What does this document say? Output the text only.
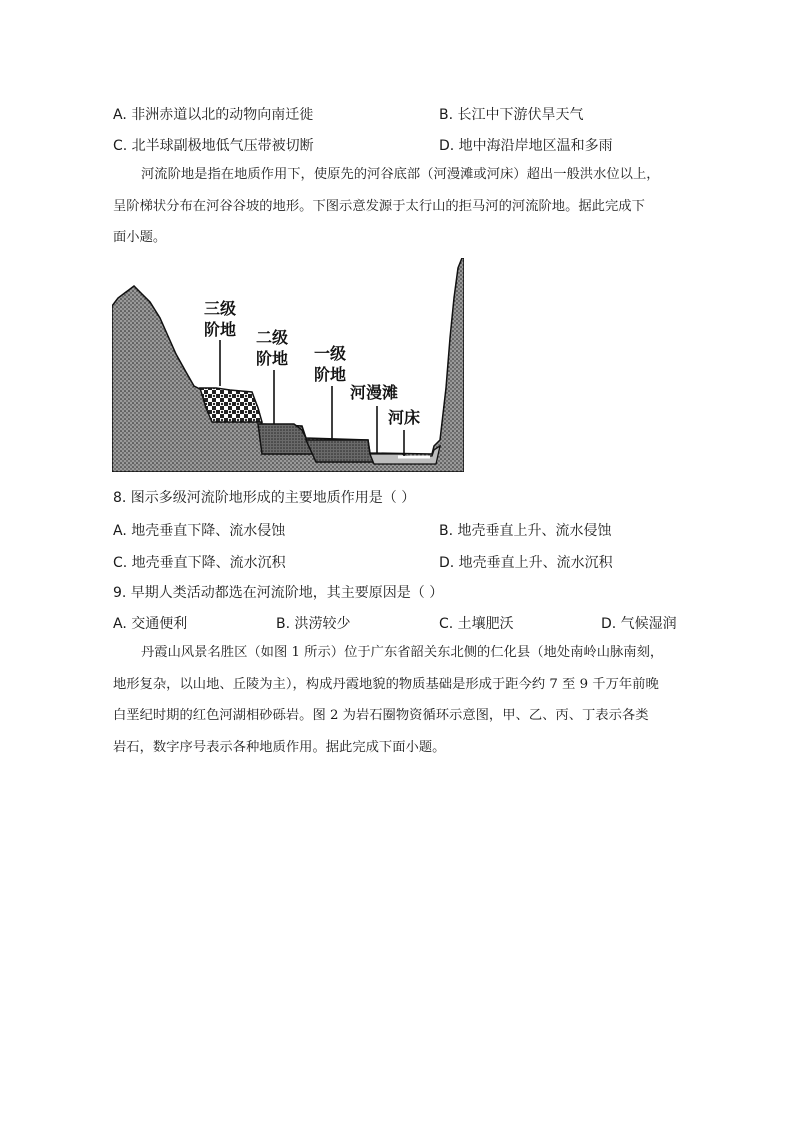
A. 非洲赤道以北的动物向南迁徙	B. 长江中下游伏旱天气
C. 北半球副极地低气压带被切断	D. 地中海沿岸地区温和多雨
河流阶地是指在地质作用下，使原先的河谷底部（河漫滩或河床）超出一般洪水位以上，
呈阶梯状分布在河谷谷坡的地形。下图示意发源于太行山的拒马河的河流阶地。据此完成下
面小题。
三级
阶地 二级
阶地 一级
阶地
河漫滩
河床
8. 图示多级河流阶地形成的主要地质作用是（ ）
A. 地壳垂直下降、流水侵蚀	B. 地壳垂直上升、流水侵蚀
C. 地壳垂直下降、流水沉积	D. 地壳垂直上升、流水沉积
9. 早期人类活动都选在河流阶地，其主要原因是（ ）
A. 交通便利	B. 洪涝较少	C. 土壤肥沃	D. 气候湿润
丹霞山风景名胜区（如图 1 所示）位于广东省韶关东北侧的仁化县（地处南岭山脉南刻，
地形复杂，以山地、丘陵为主），构成丹霞地貌的物质基础是形成于距今约 7 至 9 千万年前晚
白垩纪时期的红色河湖相砂砾岩。图 2 为岩石圈物资循环示意图，甲、乙、丙、丁表示各类
岩石，数字序号表示各种地质作用。据此完成下面小题。
